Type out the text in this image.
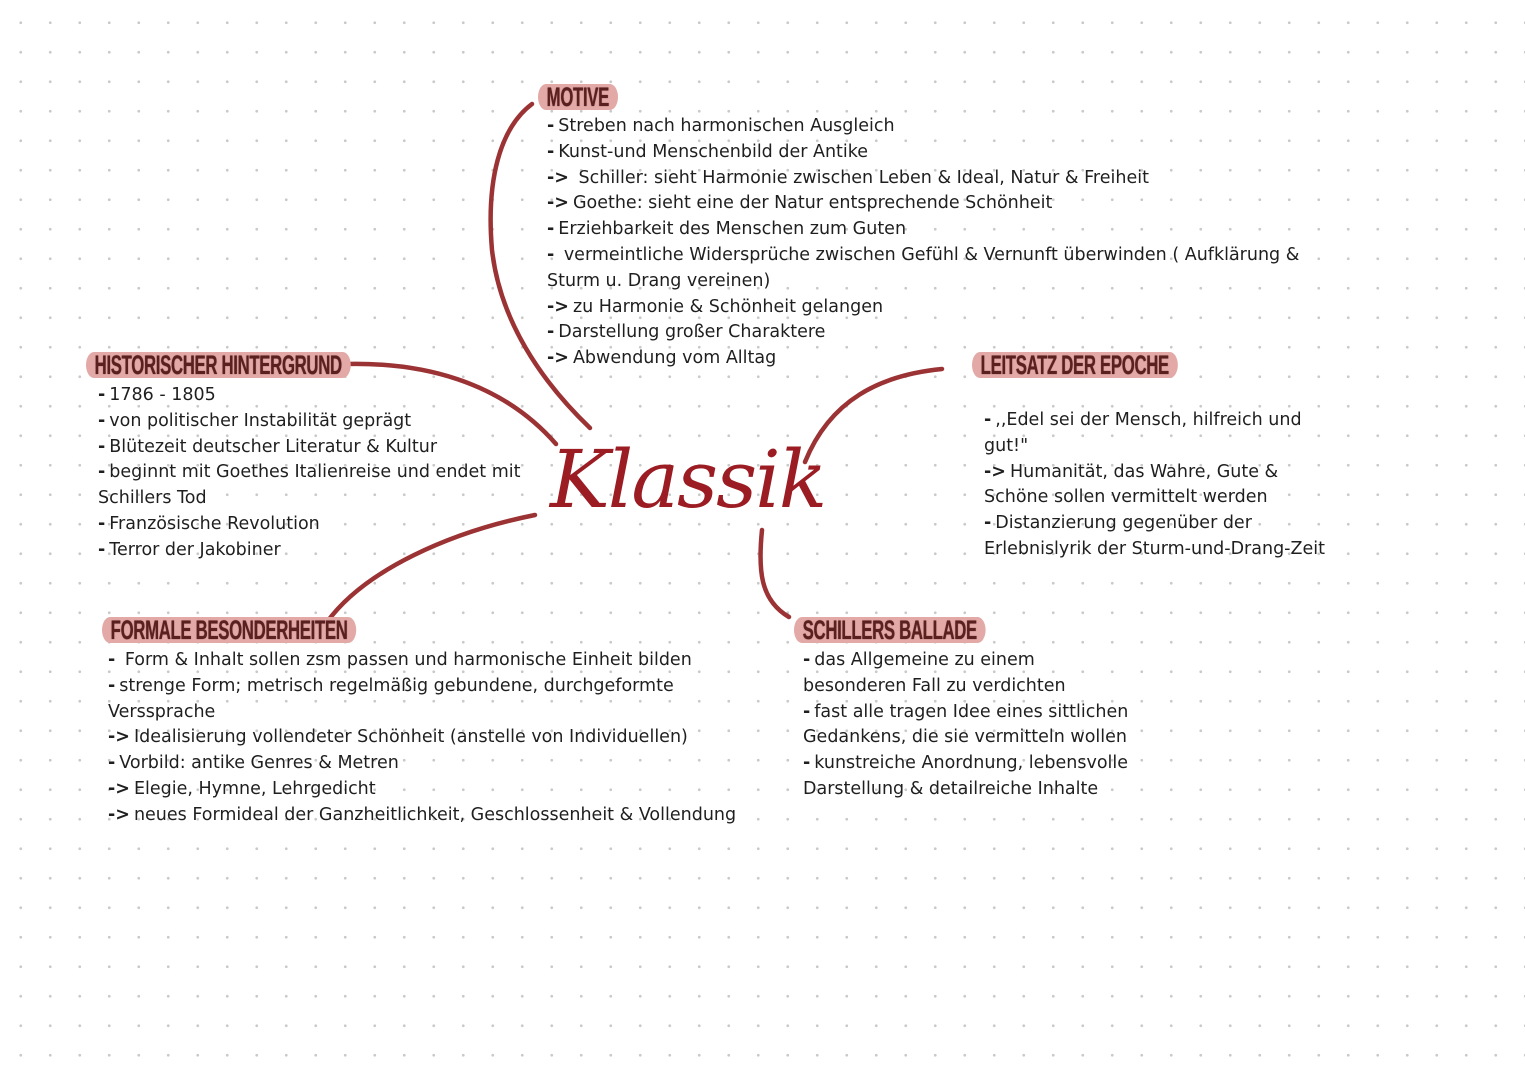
Klassik
MOTIVE
- Streben nach harmonischen Ausgleich
- Kunst-und Menschenbild der Antike
-> Schiller: sieht Harmonie zwischen Leben & Ideal, Natur & Freiheit
-> Goethe: sieht eine der Natur entsprechende Schönheit
- Erziehbarkeit des Menschen zum Guten
- vermeintliche Widersprüche zwischen Gefühl & Vernunft überwinden ( Aufklärung &
Sturm u. Drang vereinen)
-> zu Harmonie & Schönheit gelangen
- Darstellung großer Charaktere
-> Abwendung vom Alltag
HISTORISCHER HINTERGRUND
- 1786 - 1805
- von politischer Instabilität geprägt
- Blütezeit deutscher Literatur & Kultur
- beginnt mit Goethes Italienreise und endet mit
Schillers Tod
- Französische Revolution
- Terror der Jakobiner
LEITSATZ DER EPOCHE
- ,,Edel sei der Mensch, hilfreich und
gut!"
-> Humanität, das Wahre, Gute &
Schöne sollen vermittelt werden
- Distanzierung gegenüber der
Erlebnislyrik der Sturm-und-Drang-Zeit
FORMALE BESONDERHEITEN
- Form & Inhalt sollen zsm passen und harmonische Einheit bilden
- strenge Form; metrisch regelmäßig gebundene, durchgeformte
Verssprache
-> Idealisierung vollendeter Schönheit (anstelle von Individuellen)
- Vorbild: antike Genres & Metren
-> Elegie, Hymne, Lehrgedicht
-> neues Formideal der Ganzheitlichkeit, Geschlossenheit & Vollendung
SCHILLERS BALLADE
- das Allgemeine zu einem
besonderen Fall zu verdichten
- fast alle tragen Idee eines sittlichen
Gedankens, die sie vermitteln wollen
- kunstreiche Anordnung, lebensvolle
Darstellung & detailreiche Inhalte
